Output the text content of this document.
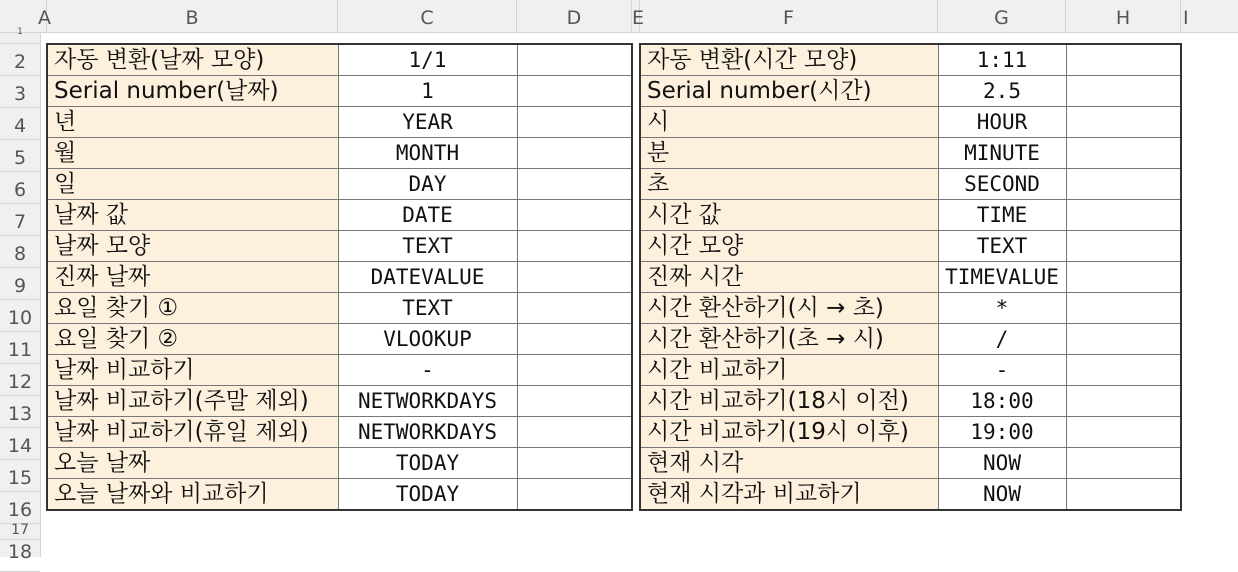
A	B	C	D	E	F	G	H	I
1
2
3
4
5
6
7
8
9
10
11
12
13
14
15
16
17
18
자동 변환(날짜 모양)	1/1	
Serial number(날짜)	1	
년	YEAR	
월	MONTH	
일	DAY	
날짜 값	DATE	
날짜 모양	TEXT	
진짜 날짜	DATEVALUE	
요일 찾기 ①	TEXT	
요일 찾기 ②	VLOOKUP	
날짜 비교하기	-	
날짜 비교하기(주말 제외)	NETWORKDAYS	
날짜 비교하기(휴일 제외)	NETWORKDAYS	
오늘 날짜	TODAY	
오늘 날짜와 비교하기	TODAY	
자동 변환(시간 모양)	1:11	
Serial number(시간)	2.5	
시	HOUR	
분	MINUTE	
초	SECOND	
시간 값	TIME	
시간 모양	TEXT	
진짜 시간	TIMEVALUE	
시간 환산하기(시 → 초)	*	
시간 환산하기(초 → 시)	/	
시간 비교하기	-	
시간 비교하기(18시 이전)	18:00	
시간 비교하기(19시 이후)	19:00	
현재 시각	NOW	
현재 시각과 비교하기	NOW	
